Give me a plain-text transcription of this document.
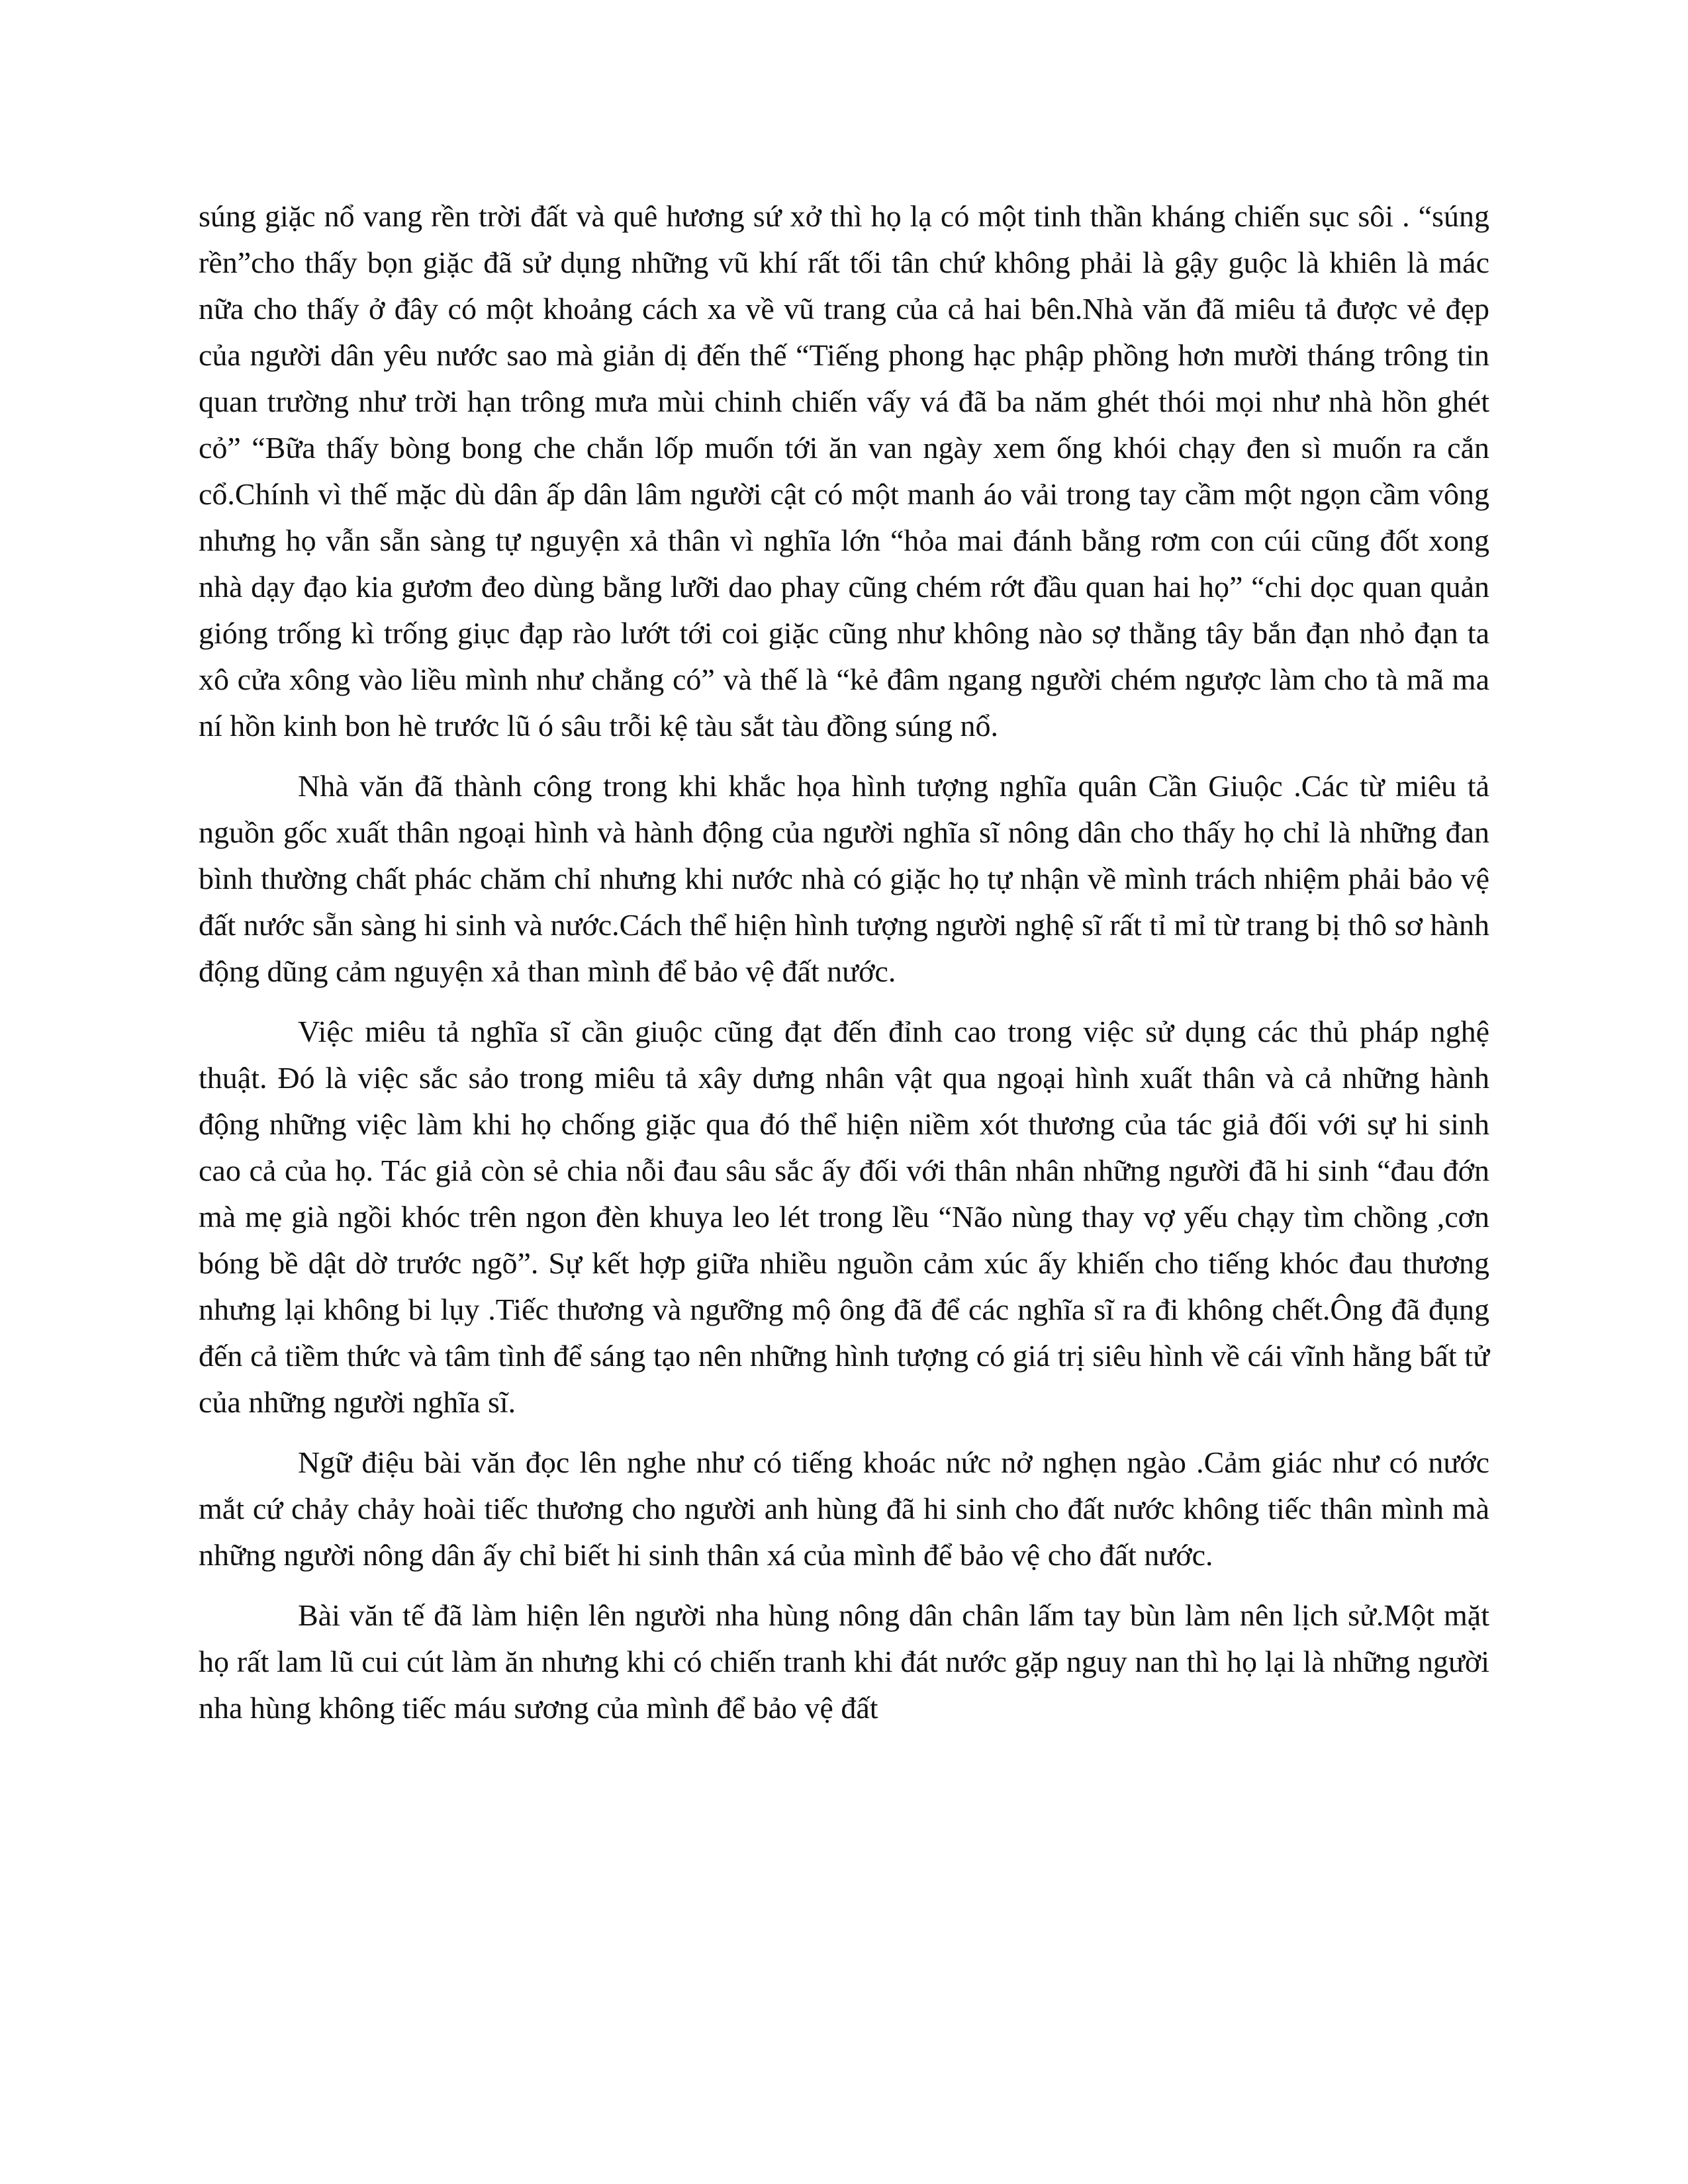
súng giặc nổ vang rền trời đất và quê hương sứ xở thì họ lạ có một tinh thần kháng chiến sục sôi . “súng rền”cho thấy bọn giặc đã sử dụng những vũ khí rất tối tân chứ không phải là gậy guộc là khiên là mác nữa cho thấy ở đây có một khoảng cách xa về vũ trang của cả hai bên.Nhà văn đã miêu tả được vẻ đẹp của người dân yêu nước sao mà giản dị đến thế “Tiếng phong hạc phập phồng hơn mười tháng trông tin quan trường như trời hạn trông mưa mùi chinh chiến vấy vá đã ba năm ghét thói mọi như nhà hồn ghét cỏ” “Bữa thấy bòng bong che chắn lốp muốn tới ăn van ngày xem ống khói chạy đen sì muốn ra cắn cổ.Chính vì thế mặc dù dân ấp dân lâm người cật có một manh áo vải trong tay cầm một ngọn cầm vông nhưng họ vẫn sẵn sàng tự nguyện xả thân vì nghĩa lớn “hỏa mai đánh bằng rơm con cúi cũng đốt xong nhà dạy đạo kia gươm đeo dùng bằng lưỡi dao phay cũng chém rớt đầu quan hai họ” “chi dọc quan quản gióng trống kì trống giục đạp rào lướt tới coi giặc cũng như không nào sợ thằng tây bắn đạn nhỏ đạn ta xô cửa xông vào liều mình như chẳng có” và thế là “kẻ đâm ngang người chém ngược làm cho tà mã ma ní hồn kinh bon hè trước lũ ó sâu trỗi kệ tàu sắt tàu đồng súng nổ.

Nhà văn đã thành công trong khi khắc họa hình tượng nghĩa quân Cần Giuộc .Các từ miêu tả nguồn gốc xuất thân ngoại hình và hành động của người nghĩa sĩ nông dân cho thấy họ chỉ là những đan bình thường chất phác chăm chỉ nhưng khi nước nhà có giặc họ tự nhận về mình trách nhiệm phải bảo vệ đất nước sẵn sàng hi sinh và nước.Cách thể hiện hình tượng người nghệ sĩ rất tỉ mỉ từ trang bị thô sơ hành động dũng cảm nguyện xả than mình để bảo vệ đất nước.

Việc miêu tả nghĩa sĩ cần giuộc cũng đạt đến đỉnh cao trong việc sử dụng các thủ pháp nghệ thuật. Đó là việc sắc sảo trong miêu tả xây dưng nhân vật qua ngoại hình xuất thân và cả những hành động những việc làm khi họ chống giặc qua đó thể hiện niềm xót thương của tác giả đối với sự hi sinh cao cả của họ. Tác giả còn sẻ chia nỗi đau sâu sắc ấy đối với thân nhân những người đã hi sinh “đau đớn mà mẹ già ngồi khóc trên ngon đèn khuya leo lét trong lều “Não nùng thay vợ yếu chạy tìm chồng ,cơn bóng bề dật dờ trước ngõ”. Sự kết hợp giữa nhiều nguồn cảm xúc ấy khiến cho tiếng khóc đau thương nhưng lại không bi lụy .Tiếc thương và ngưỡng mộ ông đã để các nghĩa sĩ ra đi không chết.Ông đã đụng đến cả tiềm thức và tâm tình để sáng tạo nên những hình tượng có giá trị siêu hình về cái vĩnh hằng bất tử của những người nghĩa sĩ.

Ngữ điệu bài văn đọc lên nghe như có tiếng khoác nức nở nghẹn ngào .Cảm giác như có nước mắt cứ chảy chảy hoài tiếc thương cho người anh hùng đã hi sinh cho đất nước không tiếc thân mình mà những người nông dân ấy chỉ biết hi sinh thân xá của mình để bảo vệ cho đất nước.

Bài văn tế đã làm hiện lên người nha hùng nông dân chân lấm tay bùn làm nên lịch sử.Một mặt họ rất lam lũ cui cút làm ăn nhưng khi có chiến tranh khi đát nước gặp nguy nan thì họ lại là những người nha hùng không tiếc máu sương của mình để bảo vệ đất
